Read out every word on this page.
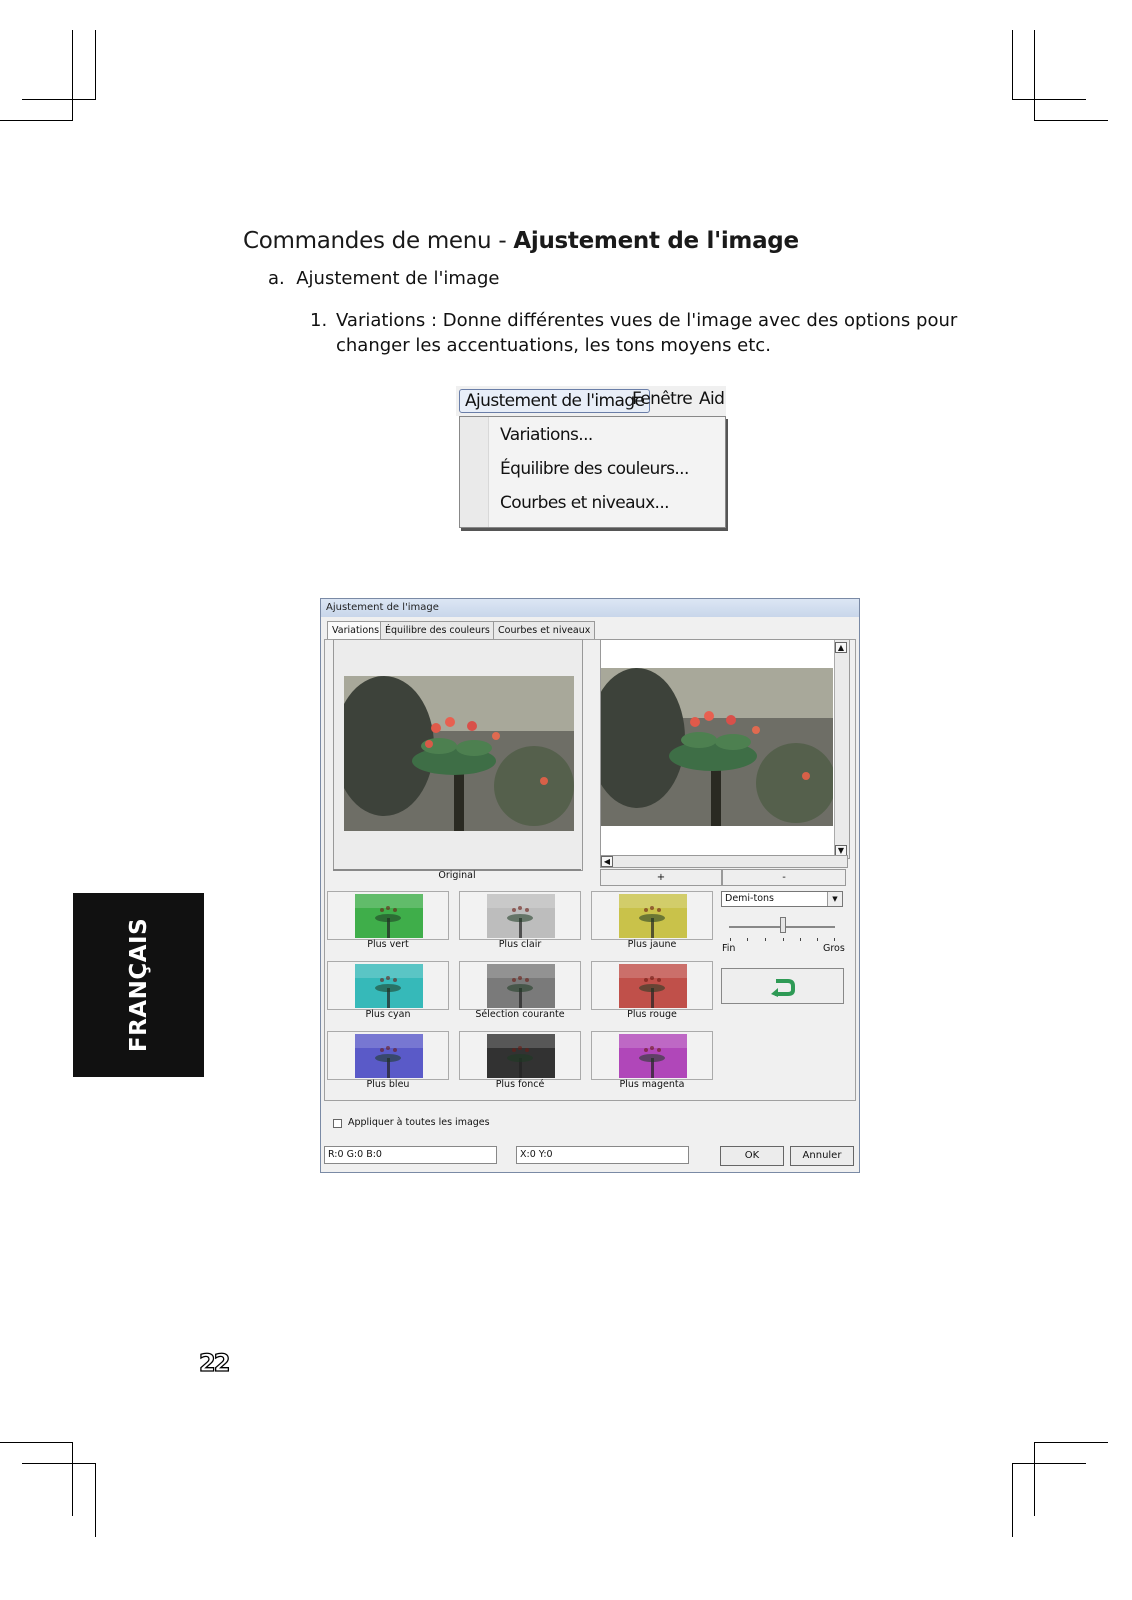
Commandes de menu - Ajustement de l'image
a. Ajustement de l'image
1. Variations : Donne différentes vues de l'image avec des options pour changer les accentuations, les tons moyens etc.
Ajustement de l'image
Fenêtre Aid
Variations...
Équilibre des couleurs...
Courbes et niveaux...
Ajustement de l'image
Variations Équilibre des couleurs Courbes et niveaux
Original
▲
▼
◀
+	-
Plus vert	Plus clair	Plus jaune
Plus cyan	Sélection courante	Plus rouge
Plus bleu	Plus foncé	Plus magenta
Demi-tons	▼
Fin	Gros
Appliquer à toutes les images
R:0 G:0 B:0	X:0 Y:0	OK	Annuler
FRANÇAIS
22
